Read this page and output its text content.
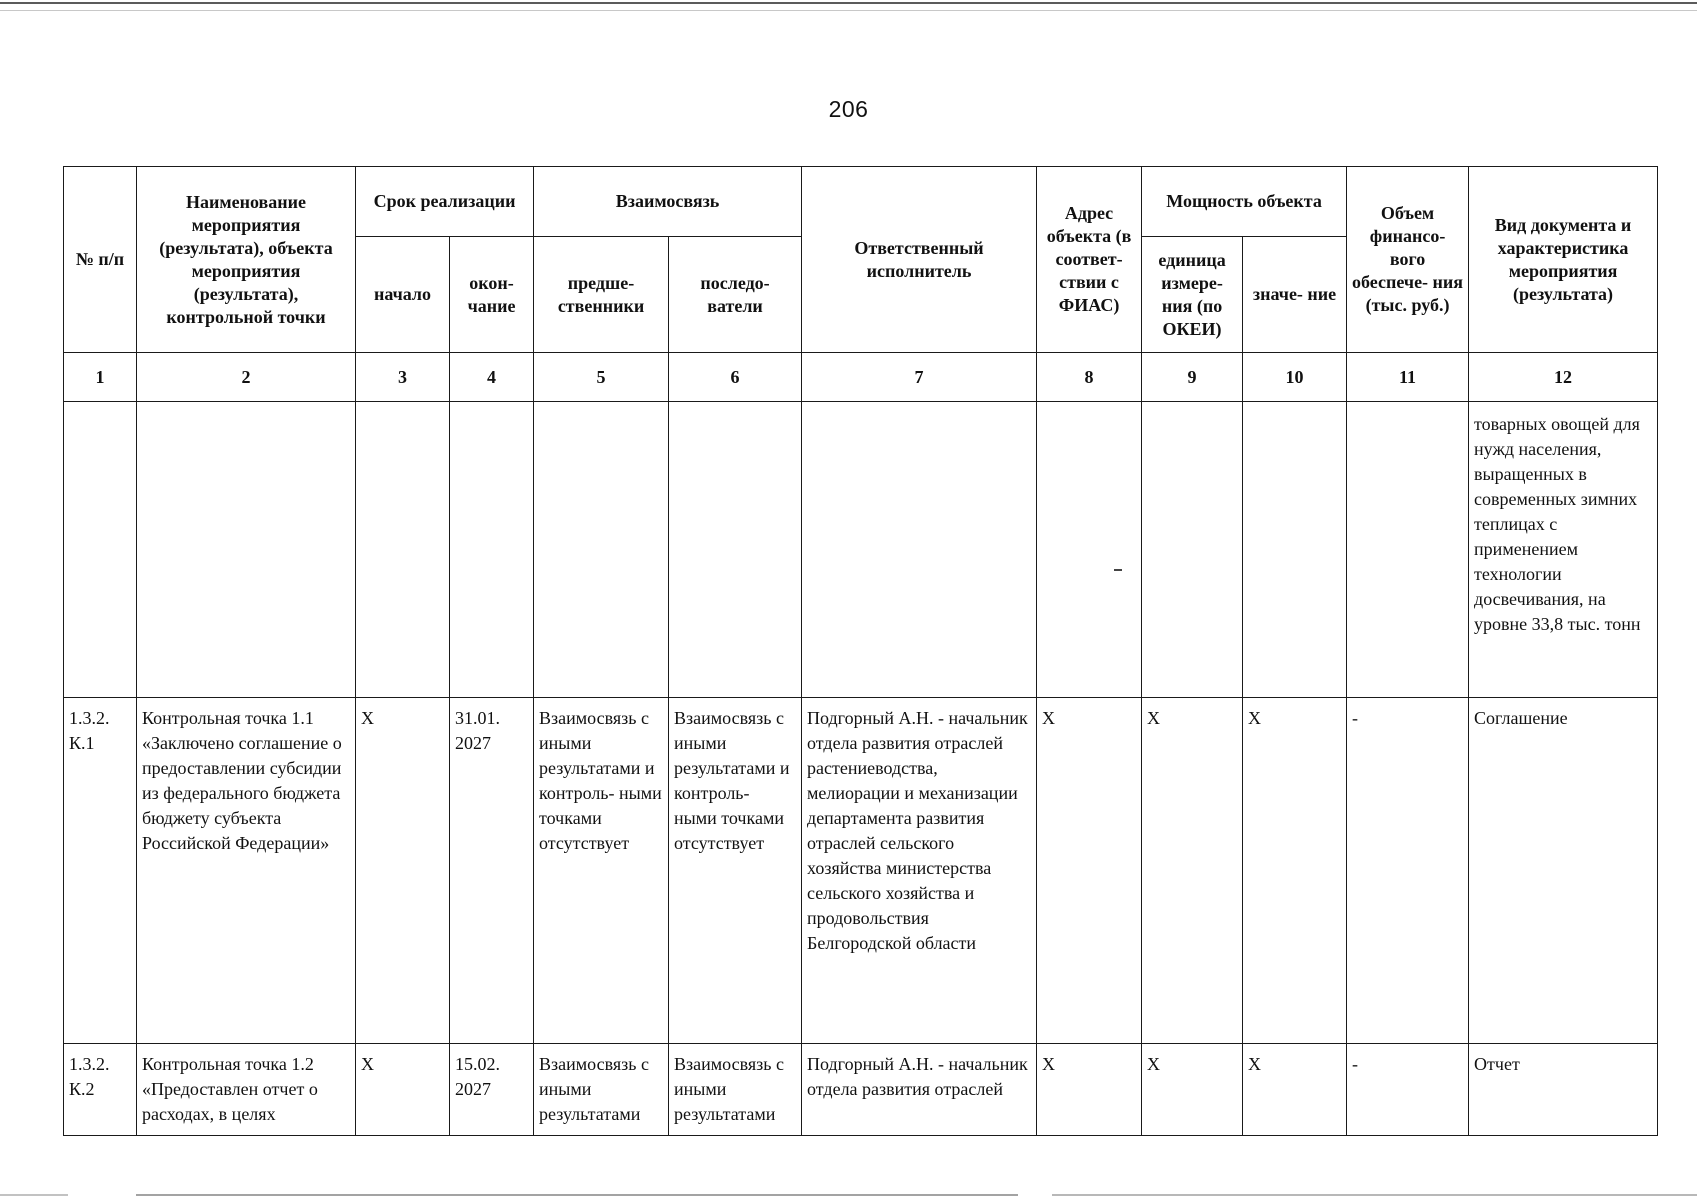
206
№ п/п	Наименование мероприятия (результата), объекта мероприятия (результата), контрольной точки	Срок реализации		Взаимосвязь		Ответственный исполнитель	Адрес объекта (в соответ- ствии с ФИАС)	Мощность объекта		Объем финансо- вого обеспече- ния (тыс. руб.)	Вид документа и характеристика мероприятия (результата)
		начало	окон- чание	предше- ственники	последо- ватели			единица измере- ния (по ОКЕИ)	значе- ние		
1	2	3	4	5	6	7	8	9	10	11	12
											товарных овощей для нужд населения, выращенных в современных зимних теплицах с применением технологии досвечивания, на уровне 33,8 тыс. тонн
1.3.2. К.1	Контрольная точка 1.1 «Заключено соглашение о предоставлении субсидии из федерального бюджета бюджету субъекта Российской Федерации»	X	31.01. 2027	Взаимосвязь с иными результатами и контроль- ными точками отсутствует	Взаимосвязь с иными результатами и контроль- ными точками отсутствует	Подгорный А.Н. - начальник отдела развития отраслей растениеводства, мелиорации и механизации департамента развития отраслей сельского хозяйства министерства сельского хозяйства и продовольствия Белгородской области	X	X	X	-	Соглашение
1.3.2. К.2	Контрольная точка 1.2 «Предоставлен отчет о расходах, в целях	X	15.02. 2027	Взаимосвязь с иными результатами	Взаимосвязь с иными результатами	Подгорный А.Н. - начальник отдела развития отраслей	X	X	X	-	Отчет
